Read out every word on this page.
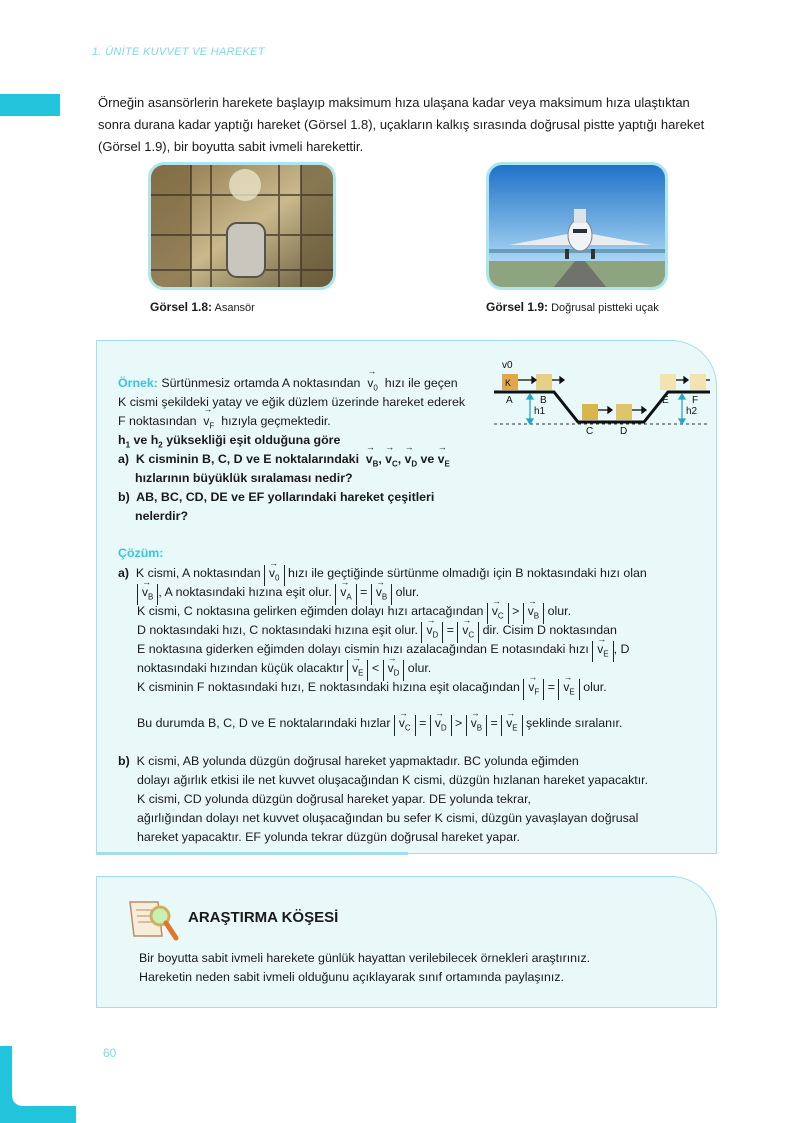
1. ÜNİTE KUVVET VE HAREKET
Örneğin asansörlerin harekete başlayıp maksimum hıza ulaşana kadar veya maksimum hıza ulaştıktan
sonra durana kadar yaptığı hareket (Görsel 1.8), uçakların kalkış sırasında doğrusal pistte yaptığı hareket
(Görsel 1.9), bir boyutta sabit ivmeli harekettir.
Görsel 1.8: Asansör	Görsel 1.9: Doğrusal pistteki uçak
Örnek: Sürtünmesiz ortamda A noktasından → $v_0$ hızı ile geçen
K cismi şekildeki yatay ve eğik düzlem üzerinde hareket ederek
F noktasından → $v_F$ hızıyla geçmektedir.
$h_1$ ve $h_2$ yüksekliği eşit olduğuna göre
a) K cisminin B, C, D ve E noktalarındaki → $v_B$, → $v_C$, → $v_D$ ve → $v_E$
hızlarının büyüklük sıralaması nedir?
b) AB, BC, CD, DE ve EF yollarındaki hareket çeşitleri
nelerdir?
v0
K
A	B
C	D
E F
h1	h2
Çözüm:
a) K cismi, A noktasından → $v_0$ hızı ile geçtiğinde sürtünme olmadığı için B noktasındaki hızı olan
→ $v_B$ , A noktasındaki hızına eşit olur. → $v_A$ = → $v_B$ olur.
K cismi, C noktasına gelirken eğimden dolayı hızı artacağından → $v_C$ > → $v_B$ olur.
D noktasındaki hızı, C noktasındaki hızına eşit olur. → $v_D$ = → $v_C$ dir. Cisim D noktasından
E noktasına giderken eğimden dolayı cismin hızı azalacağından E notasındaki hızı → $v_E$ , D
noktasındaki hızından küçük olacaktır → $v_E$ < → $v_D$ olur.
K cisminin F noktasındaki hızı, E noktasındaki hızına eşit olacağından → $v_F$ = → $v_E$ olur.
Bu durumda B, C, D ve E noktalarındaki hızlar → $v_C$ = → $v_D$ > → $v_B$ = → $v_E$ şeklinde sıralanır.
b) K cismi, AB yolunda düzgün doğrusal hareket yapmaktadır. BC yolunda eğimden
dolayı ağırlık etkisi ile net kuvvet oluşacağından K cismi, düzgün hızlanan hareket yapacaktır.
K cismi, CD yolunda düzgün doğrusal hareket yapar. DE yolunda tekrar,
ağırlığından dolayı net kuvvet oluşacağından bu sefer K cismi, düzgün yavaşlayan doğrusal
hareket yapacaktır. EF yolunda tekrar düzgün doğrusal hareket yapar.
ARAŞTIRMA KÖŞESİ
Bir boyutta sabit ivmeli harekete günlük hayattan verilebilecek örnekleri araştırınız.
Hareketin neden sabit ivmeli olduğunu açıklayarak sınıf ortamında paylaşınız.
60
